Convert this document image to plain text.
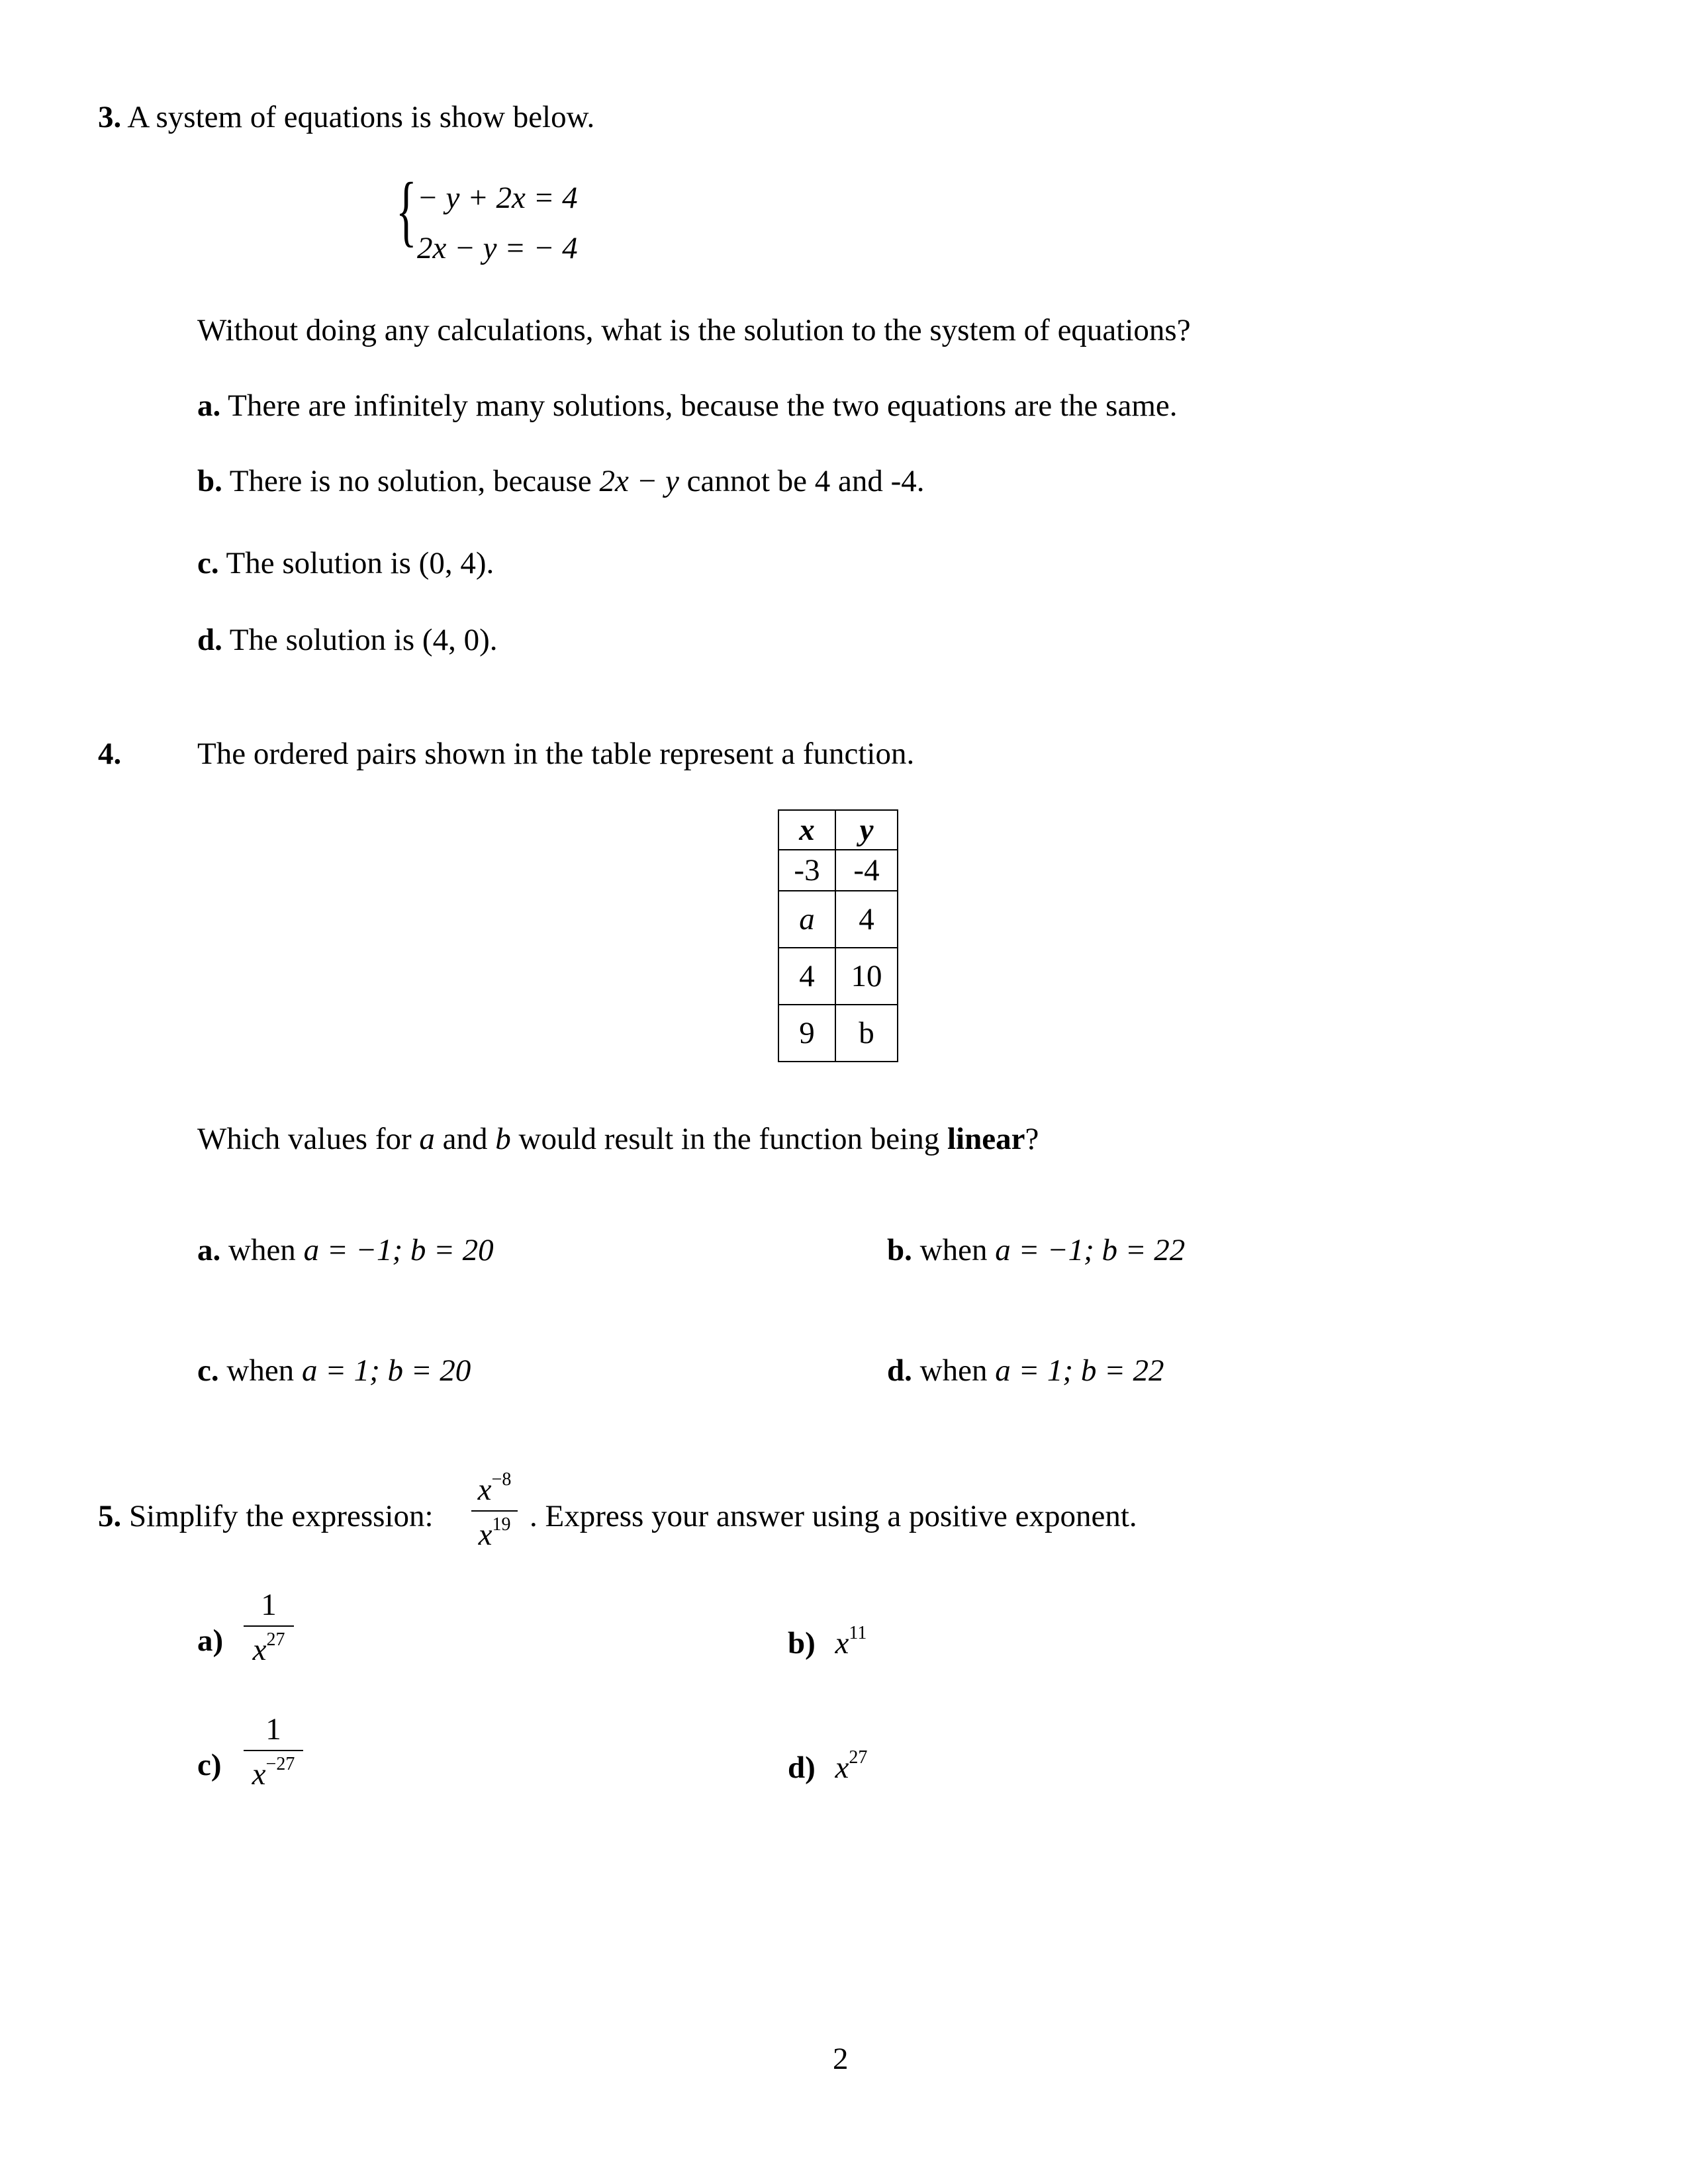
3. A system of equations is show below.
{ − y + 2x = 4
2x − y = − 4
Without doing any calculations, what is the solution to the system of equations?
a. There are infinitely many solutions, because the two equations are the same.
b. There is no solution, because 2x − y cannot be 4 and -4.
c. The solution is (0, 4).
d. The solution is (4, 0).
4. The ordered pairs shown in the table represent a function.
x	y
-3	-4
a	4
4	10
9	b
Which values for a and b would result in the function being linear?
a. when a = −1; b = 20	b. when a = −1; b = 22
c. when a = 1; b = 20	d. when a = 1; b = 22
5. Simplify the expression:
$x^{-8}$
$x^{19}$ . Express your answer using a positive exponent.
a)
1
$x^{27}$	b) $x^{11}$
c)
1
$x^{-27}$	d) $x^{27}$
2
